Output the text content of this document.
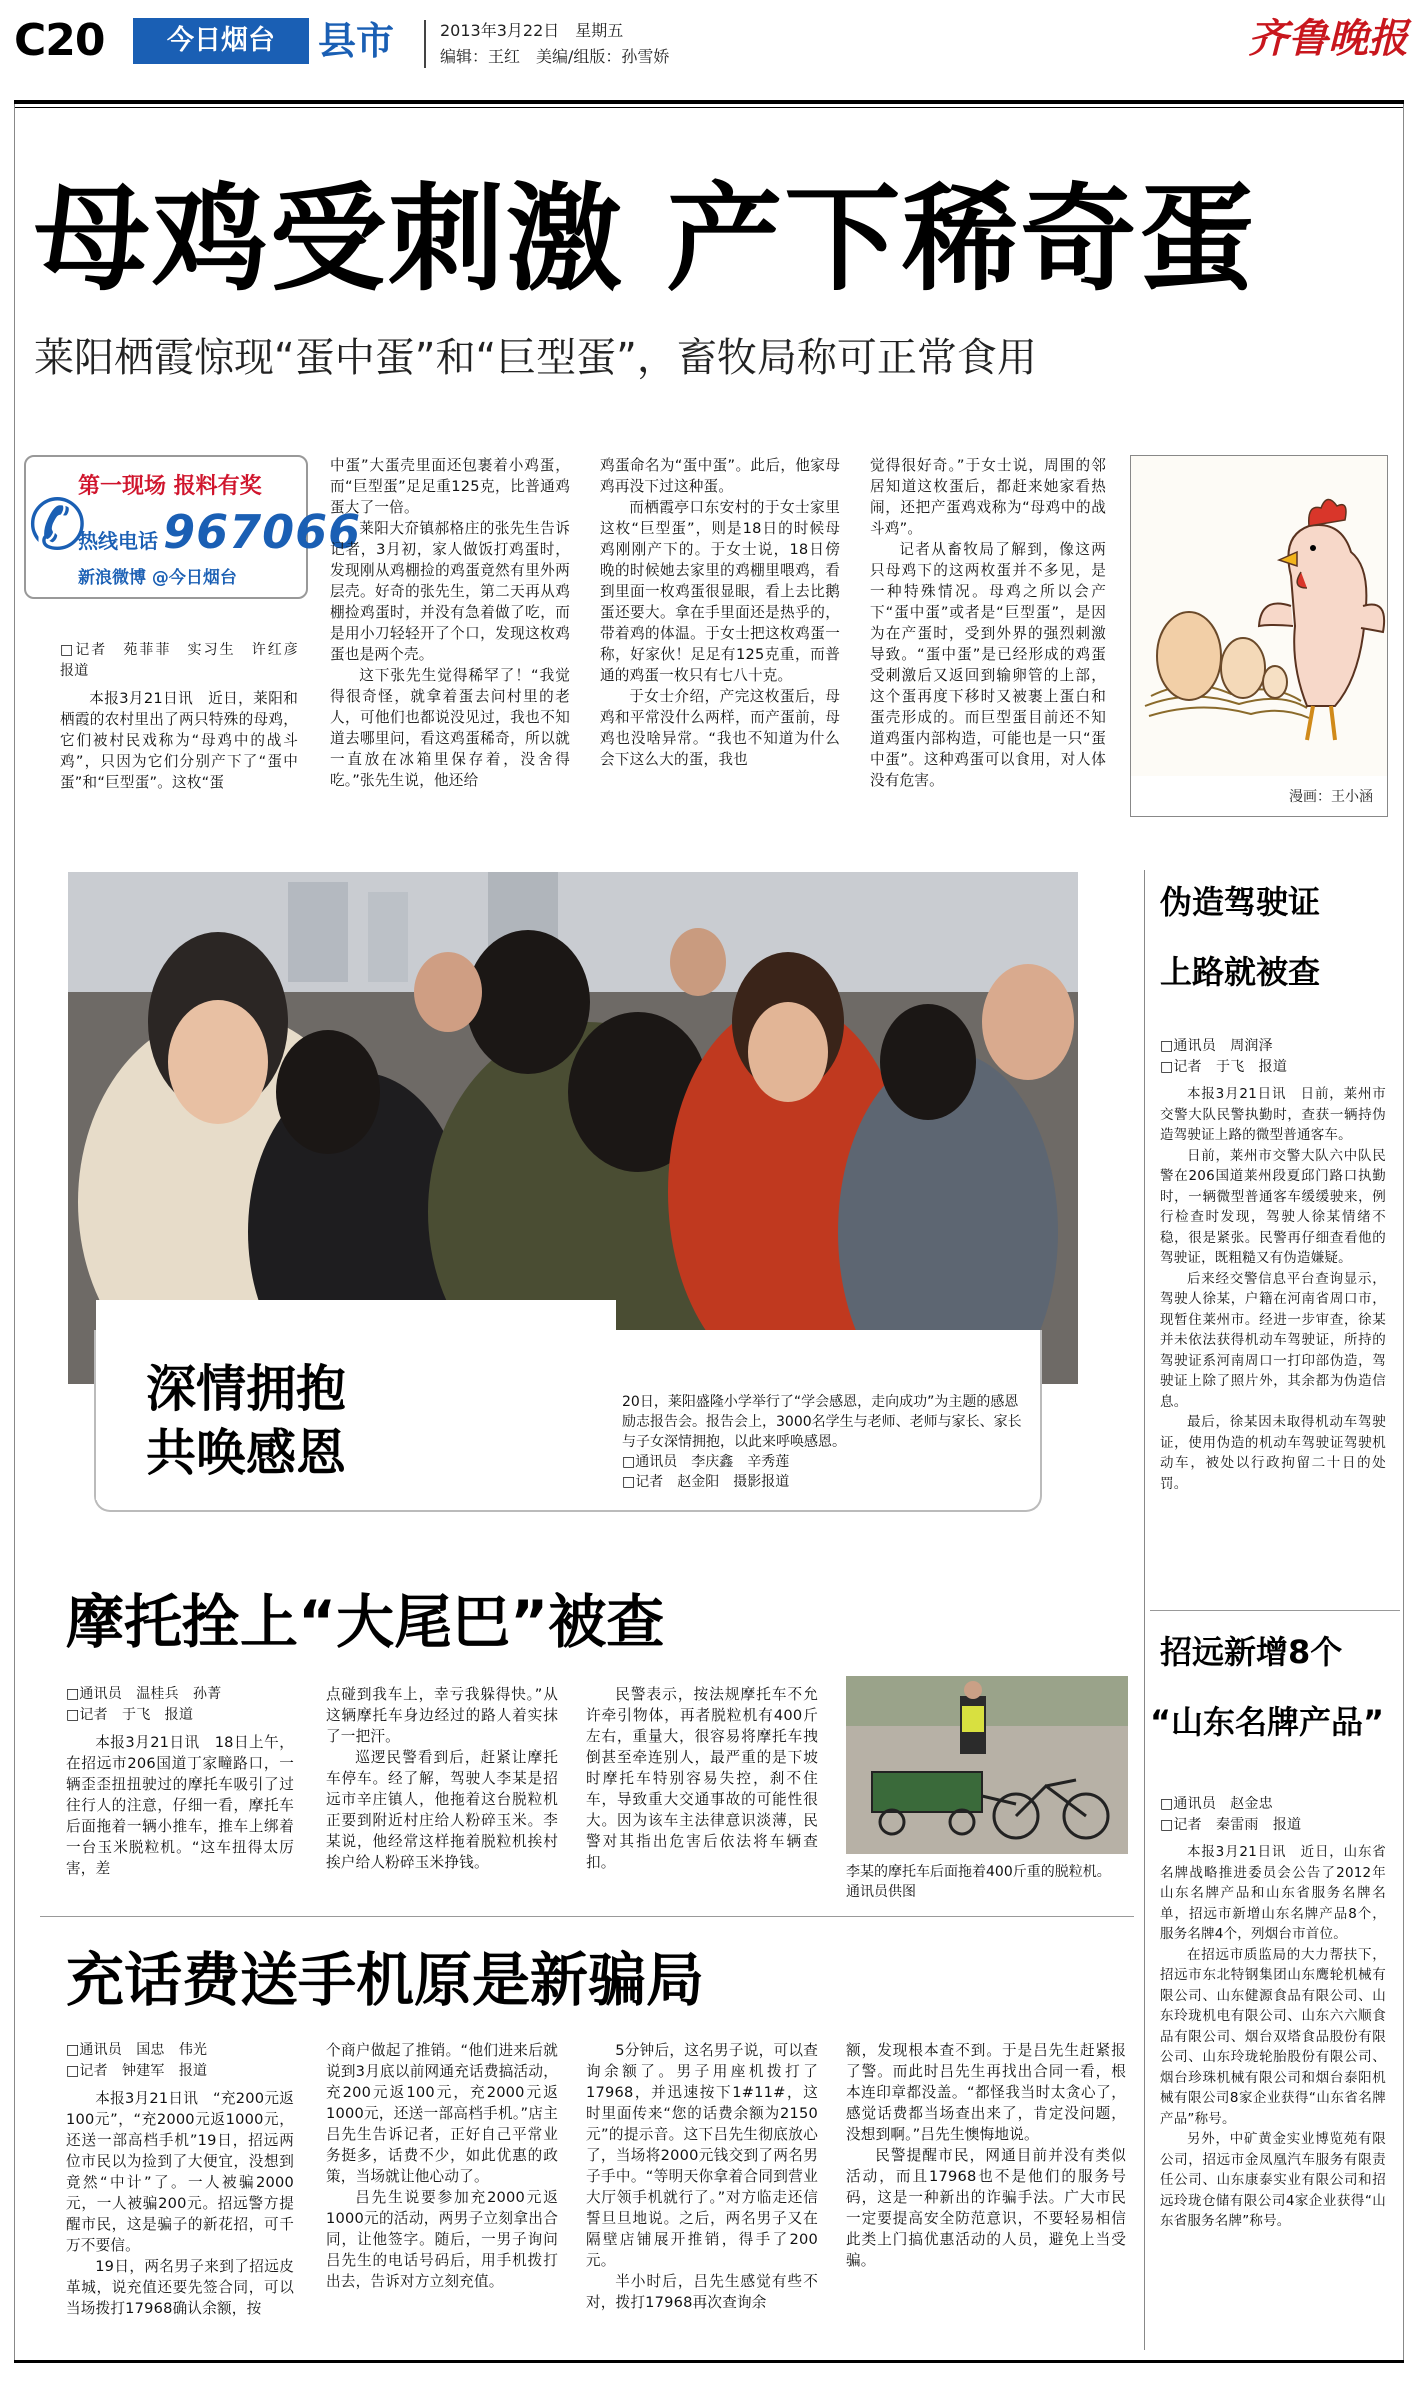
C20	今日烟台	县市	2013年3月22日　星期五
编辑：王红　美编/组版：孙雪娇	齐鲁晚报
母鸡受刺激 产下稀奇蛋
莱阳栖霞惊现“蛋中蛋”和“巨型蛋”，畜牧局称可正常食用
✆
第一现场 报料有奖
热线电话 967066
新浪微博 @今日烟台
□记者　苑菲菲　实习生　许红彦　报道

本报3月21日讯　近日，莱阳和栖霞的农村里出了两只特殊的母鸡，它们被村民戏称为“母鸡中的战斗鸡”，只因为它们分别产下了“蛋中蛋”和“巨型蛋”。这枚“蛋

中蛋”大蛋壳里面还包裹着小鸡蛋，而“巨型蛋”足足重125克，比普通鸡蛋大了一倍。

莱阳大夼镇郝格庄的张先生告诉记者，3月初，家人做饭打鸡蛋时，发现刚从鸡棚捡的鸡蛋竟然有里外两层壳。好奇的张先生，第二天再从鸡棚捡鸡蛋时，并没有急着做了吃，而是用小刀轻轻开了个口，发现这枚鸡蛋也是两个壳。

这下张先生觉得稀罕了！“我觉得很奇怪，就拿着蛋去问村里的老人，可他们也都说没见过，我也不知道去哪里问，看这鸡蛋稀奇，所以就一直放在冰箱里保存着，没舍得吃。”张先生说，他还给

鸡蛋命名为“蛋中蛋”。此后，他家母鸡再没下过这种蛋。

而栖霞亭口东安村的于女士家里这枚“巨型蛋”，则是18日的时候母鸡刚刚产下的。于女士说，18日傍晚的时候她去家里的鸡棚里喂鸡，看到里面一枚鸡蛋很显眼，看上去比鹅蛋还要大。拿在手里面还是热乎的，带着鸡的体温。于女士把这枚鸡蛋一称，好家伙！足足有125克重，而普通的鸡蛋一枚只有七八十克。

于女士介绍，产完这枚蛋后，母鸡和平常没什么两样，而产蛋前，母鸡也没啥异常。“我也不知道为什么会下这么大的蛋，我也

觉得很好奇。”于女士说，周围的邻居知道这枚蛋后，都赶来她家看热闹，还把产蛋鸡戏称为“母鸡中的战斗鸡”。

记者从畜牧局了解到，像这两只母鸡下的这两枚蛋并不多见，是一种特殊情况。母鸡之所以会产下“蛋中蛋”或者是“巨型蛋”，是因为在产蛋时，受到外界的强烈刺激导致。“蛋中蛋”是已经形成的鸡蛋受刺激后又返回到输卵管的上部，这个蛋再度下移时又被裹上蛋白和蛋壳形成的。而巨型蛋目前还不知道鸡蛋内部构造，可能也是一只“蛋中蛋”。这种鸡蛋可以食用，对人体没有危害。

漫画：王小涵
深情拥抱
共唤感恩
20日，莱阳盛隆小学举行了“学会感恩，走向成功”为主题的感恩励志报告会。报告会上，3000名学生与老师、老师与家长、家长与子女深情拥抱，以此来呼唤感恩。
□通讯员　李庆鑫　辛秀莲
□记者　赵金阳　摄影报道
伪造驾驶证
上路就被查
□通讯员　周润泽
□记者　于飞　报道

本报3月21日讯　日前，莱州市交警大队民警执勤时，查获一辆持伪造驾驶证上路的微型普通客车。

日前，莱州市交警大队六中队民警在206国道莱州段夏邱门路口执勤时，一辆微型普通客车缓缓驶来，例行检查时发现，驾驶人徐某情绪不稳，很是紧张。民警再仔细查看他的驾驶证，既粗糙又有伪造嫌疑。

后来经交警信息平台查询显示，驾驶人徐某，户籍在河南省周口市，现暂住莱州市。经进一步审查，徐某并未依法获得机动车驾驶证，所持的驾驶证系河南周口一打印部伪造，驾驶证上除了照片外，其余都为伪造信息。

最后，徐某因未取得机动车驾驶证，使用伪造的机动车驾驶证驾驶机动车，被处以行政拘留二十日的处罚。

招远新增8个
“山东名牌产品”
□通讯员　赵金忠
□记者　秦雷雨　报道

本报3月21日讯　近日，山东省名牌战略推进委员会公告了2012年山东名牌产品和山东省服务名牌名单，招远市新增山东名牌产品8个，服务名牌4个，列烟台市首位。

在招远市质监局的大力帮扶下，招远市东北特钢集团山东鹰轮机械有限公司、山东健源食品有限公司、山东玲珑机电有限公司、山东六六顺食品有限公司、烟台双塔食品股份有限公司、山东玲珑轮胎股份有限公司、烟台珍珠机械有限公司和烟台泰阳机械有限公司8家企业获得“山东省名牌产品”称号。

另外，中矿黄金实业博览苑有限公司，招远市金凤凰汽车服务有限责任公司、山东康泰实业有限公司和招远玲珑仓储有限公司4家企业获得“山东省服务名牌”称号。

摩托拴上“大尾巴”被查
□通讯员　温桂兵　孙菁
□记者　于飞　报道

本报3月21日讯　18日上午，在招远市206国道丁家疃路口，一辆歪歪扭扭驶过的摩托车吸引了过往行人的注意，仔细一看，摩托车后面拖着一辆小推车，推车上绑着一台玉米脱粒机。“这车扭得太厉害，差

点碰到我车上，幸亏我躲得快。”从这辆摩托车身边经过的路人着实抹了一把汗。

巡逻民警看到后，赶紧让摩托车停车。经了解，驾驶人李某是招远市辛庄镇人，他拖着这台脱粒机正要到附近村庄给人粉碎玉米。李某说，他经常这样拖着脱粒机挨村挨户给人粉碎玉米挣钱。

民警表示，按法规摩托车不允许牵引物体，再者脱粒机有400斤左右，重量大，很容易将摩托车拽倒甚至牵连别人，最严重的是下坡时摩托车特别容易失控，刹不住车，导致重大交通事故的可能性很大。因为该车主法律意识淡薄，民警对其指出危害后依法将车辆查扣。

李某的摩托车后面拖着400斤重的脱粒机。　通讯员供图
充话费送手机原是新骗局
□通讯员　国忠　伟光
□记者　钟建军　报道

本报3月21日讯　“充200元返100元”，“充2000元返1000元，还送一部高档手机”19日，招远两位市民以为捡到了大便宜，没想到竟然“中计”了。一人被骗2000元，一人被骗200元。招远警方提醒市民，这是骗子的新花招，可千万不要信。

19日，两名男子来到了招远皮革城，说充值还要先签合同，可以当场拨打17968确认余额，按

个商户做起了推销。“他们进来后就说到3月底以前网通充话费搞活动，充200元返100元，充2000元返1000元，还送一部高档手机。”店主吕先生告诉记者，正好自己平常业务挺多，话费不少，如此优惠的政策，当场就让他心动了。

吕先生说要参加充2000元返1000元的活动，两男子立刻拿出合同，让他签字。随后，一男子询问吕先生的电话号码后，用手机拨打出去，告诉对方立刻充值。

5分钟后，这名男子说，可以查询余额了。男子用座机拨打了17968，并迅速按下1#11#，这时里面传来“您的话费余额为2150元”的提示音。这下吕先生彻底放心了，当场将2000元钱交到了两名男子手中。“等明天你拿着合同到营业大厅领手机就行了。”对方临走还信誓旦旦地说。之后，两名男子又在隔壁店铺展开推销，得手了200元。

半小时后，吕先生感觉有些不对，拨打17968再次查询余

额，发现根本查不到。于是吕先生赶紧报了警。而此时吕先生再找出合同一看，根本连印章都没盖。“都怪我当时太贪心了，感觉话费都当场查出来了，肯定没问题，没想到啊。”吕先生懊悔地说。

民警提醒市民，网通目前并没有类似活动，而且17968也不是他们的服务号码，这是一种新出的诈骗手法。广大市民一定要提高安全防范意识，不要轻易相信此类上门搞优惠活动的人员，避免上当受骗。
